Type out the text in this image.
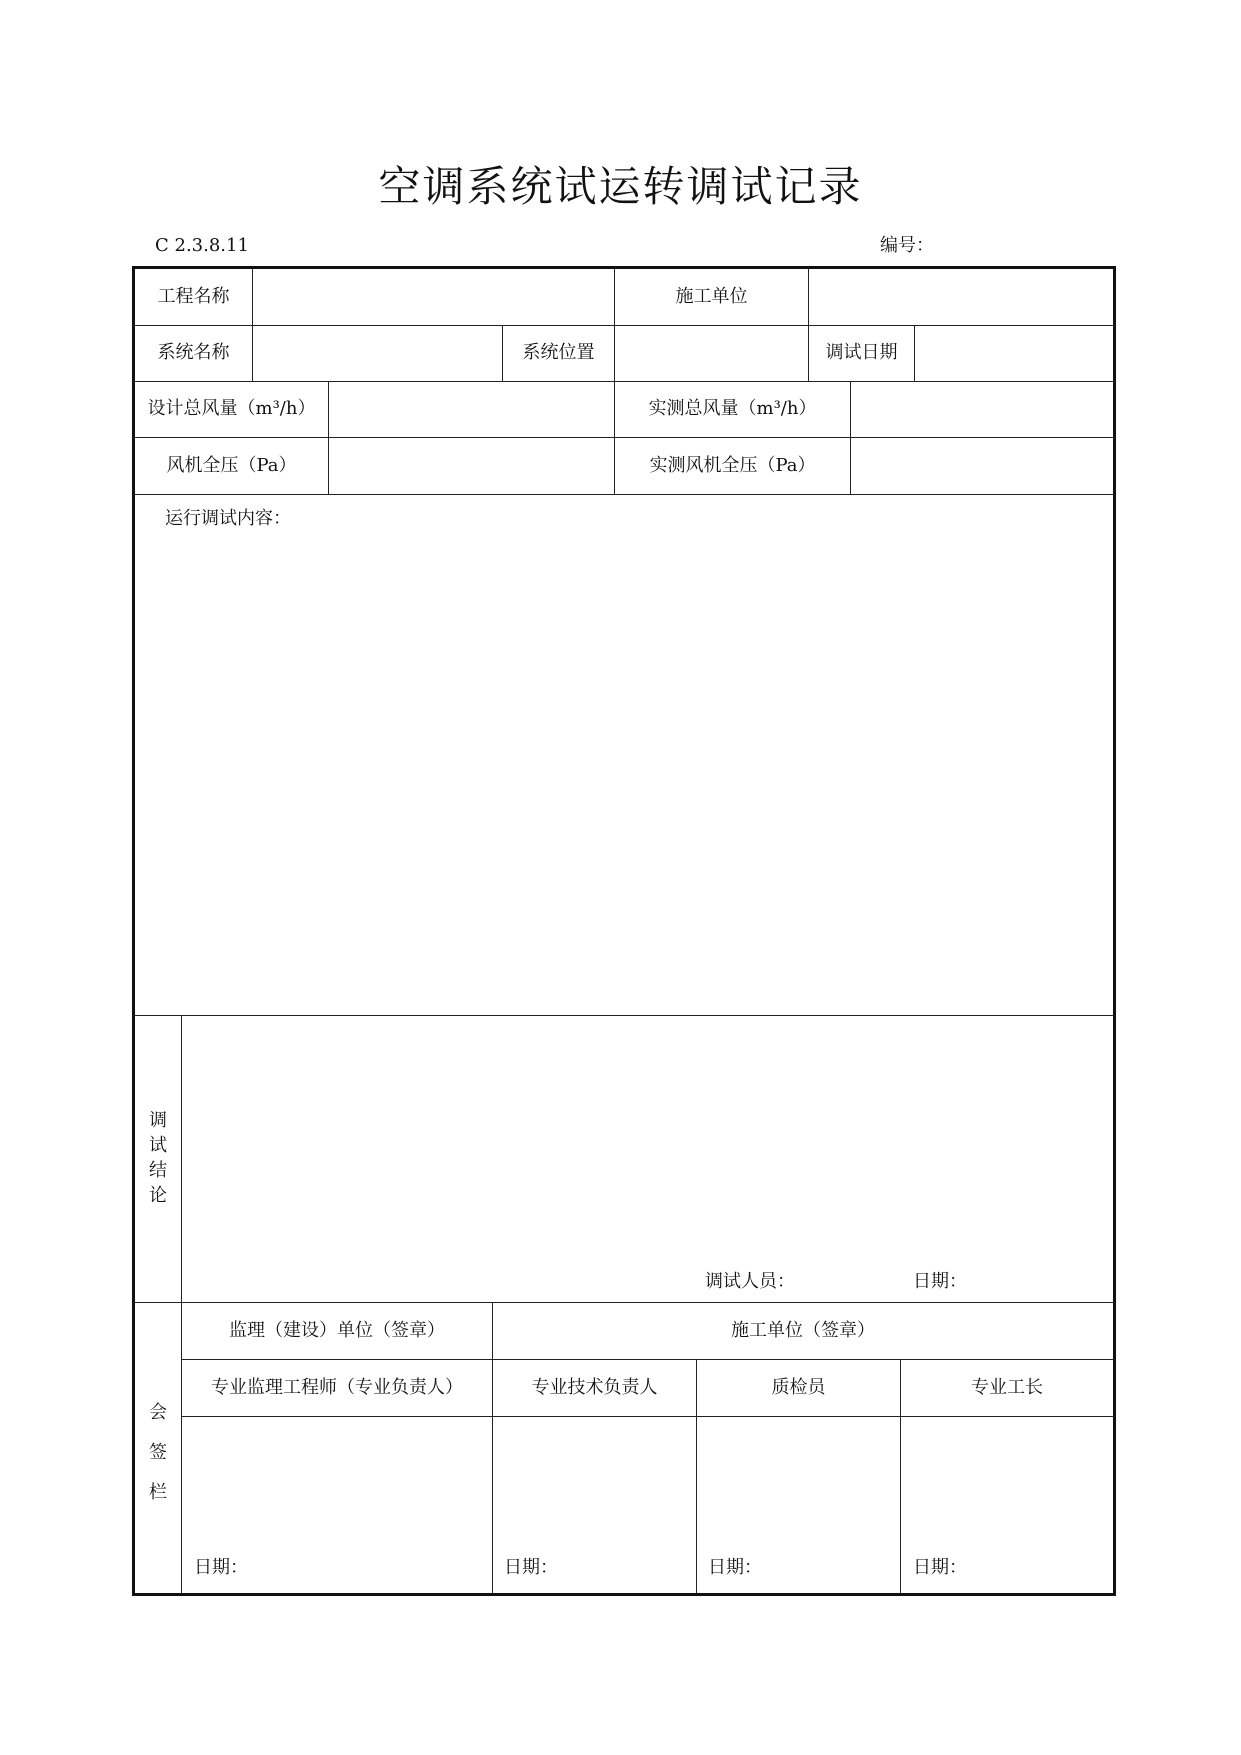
空调系统试运转调试记录
C 2.3.8.11	编号：
工程名称	施工单位
系统名称	系统位置	调试日期
设计总风量（m³/h）	实测总风量（m³/h）
风机全压（Pa）	实测风机全压（Pa）
运行调试内容：
调
试
结
论
调试人员：	日期：
会
签
栏
监理（建设）单位（签章）	施工单位（签章）
专业监理工程师（专业负责人）	专业技术负责人	质检员	专业工长
日期：	日期：	日期：	日期：
